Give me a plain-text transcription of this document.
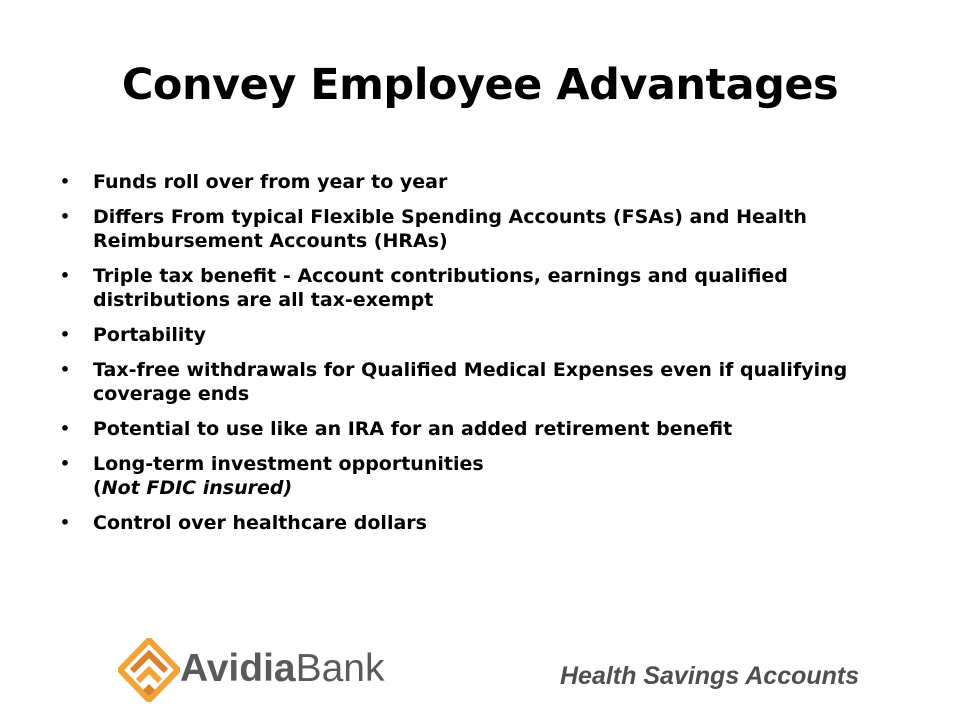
Convey Employee Advantages
• Funds roll over from year to year
• Differs From typical Flexible Spending Accounts (FSAs) and Health Reimbursement Accounts (HRAs)
• Triple tax benefit - Account contributions, earnings and qualified distributions are all tax-exempt
• Portability
• Tax-free withdrawals for Qualified Medical Expenses even if qualifying coverage ends
• Potential to use like an IRA for an added retirement benefit
• Long-term investment opportunities
(Not FDIC insured)
• Control over healthcare dollars
AvidiaBank	Health Savings Accounts
